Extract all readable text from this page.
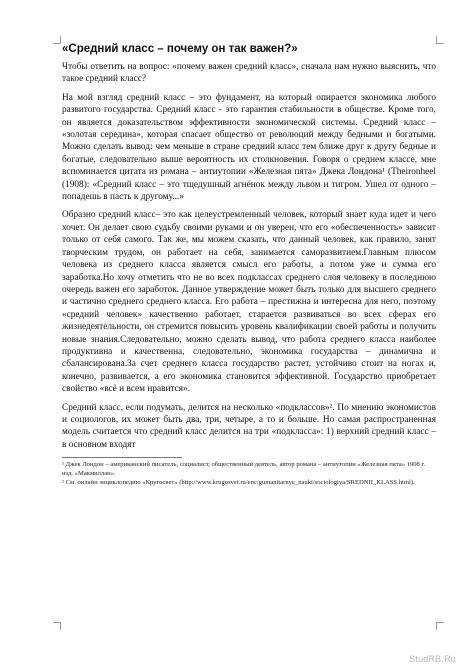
«Средний класс – почему он так важен?»

Чтобы ответить на вопрос: «почему важен средний класс», сначала нам нужно выяснить, что такое средний класс?

На мой взгляд средний класс – это фундамент, на который опирается экономика любого развитого государства. Средний класс - это гарантия стабильности в обществе. Кроме того, он является доказательством эффективности экономической системы. Средний класс – «золотая середина», которая спасает общество от революций между бедными и богатыми. Можно сделать вывод: чем меньше в стране средний класс тем ближе друг к другу бедные и богатые, следовательно выше вероятность их столкновения. Говоря о среднем классе, мне вспоминается цитата из романа – антиутопии «Железная пята» Джека Лондона¹ (Theironheel (1908): «Средний класс – это тщедушный агнёнок между львом и тигром. Ушел от одного – попадешь в пасть к другому...»

Образно средний класс– это как целеустремленный человек, который знает куда идет и чего хочет. Он делает свою судьбу своими руками и он уверен, что его «обеспеченность» зависит только от себя самого. Так же, мы можем сказать, что данный человек, как правило, занят творческим трудом, он работает на себя, занимается саморазвитием.Главным плюсом человека из среднего класса является смысл его работы, а потом уже и сумма его заработка.Но хочу отметить что не во всех подклассах среднего слоя человеку в последнюю очередь важен его заработок. Данное утверждение может быть только для высшего среднего и частично среднего среднего класса. Его работа – престижна и интересна для него, поэтому «средний человек» качественно работает, старается развиваться во всех сферах его жизнедеятельности, он стремится повысить уровень квалификации своей работы и получить новые знания.Следовательно, можно сделать вывод, что работа среднего класса наиболее продуктивна и качественна, следовательно, экономика государства – динамична и сбалансирована.За счет среднего класса государство растет, устойчиво стоит на ногах и, конечно, развивается, а его экономика становится эффективной. Государство приобретает свойство «всё и всем нравится».

Средний класс, если подумать, делится на несколько «подклассов»². По мнению экономистов и социологов, их может быть два, три, четыре, а то и больше. Но самая распространенная модель считается что средний класс делится на три «подкласса»: 1) верхний средний класс – в основном входят

¹ Джек Лондон – американский писатель, социалист, общественный деятель, автор романа – антиутопии «Железная пята» 1908 г. изд. «Макмиллан».

² См. онлайн энциклопедию «Кругосвет» (http://www.krugosvet.ru/enc/gumanitarnye_nauki/sociologiya/SREDNII_KLASS.html).

StudRB.Ru
